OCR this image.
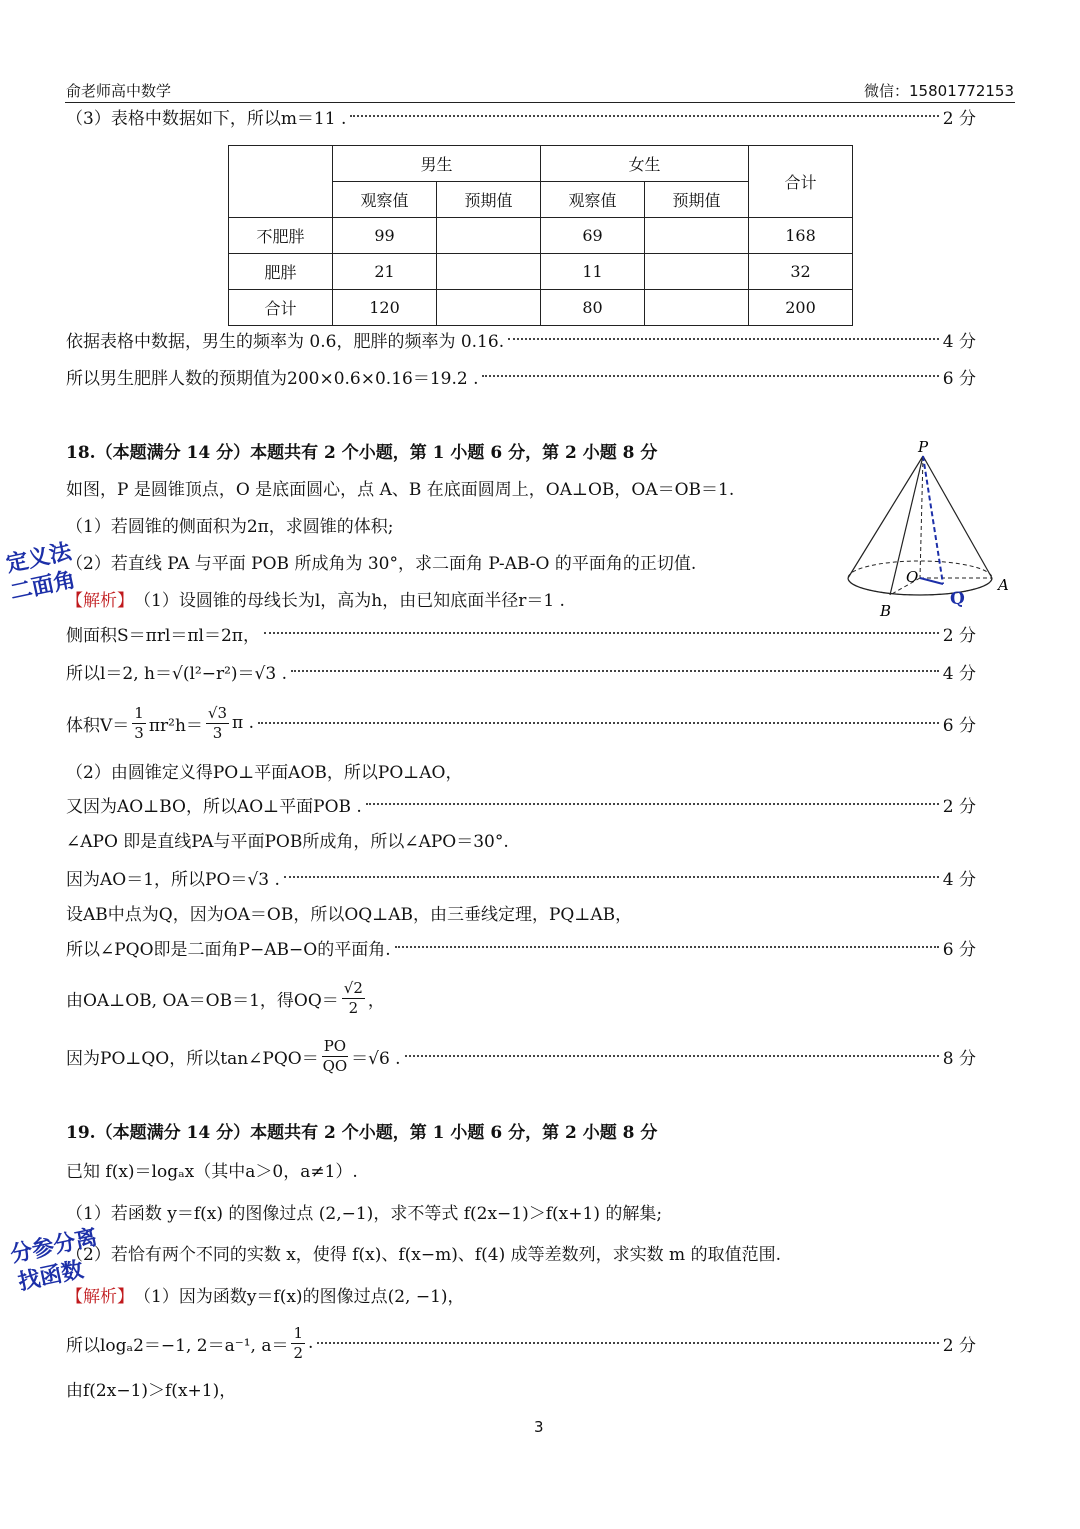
俞老师高中数学	微信：15801772153
（3）表格中数据如下，所以m＝11 .	2 分
	男生		女生		合计
	观察值	预期值	观察值	预期值	
不肥胖	99		69		168
肥胖	21		11		32
合计	120		80		200
依据表格中数据，男生的频率为 0.6，肥胖的频率为 0.16.	4 分
所以男生肥胖人数的预期值为200×0.6×0.16＝19.2 .	6 分
18.（本题满分 14 分）本题共有 2 个小题，第 1 小题 6 分，第 2 小题 8 分
如图，P 是圆锥顶点，O 是底面圆心，点 A、B 在底面圆周上，OA⊥OB，OA＝OB＝1.
（1）若圆锥的侧面积为2π，求圆锥的体积;
（2）若直线 PA 与平面 POB 所成角为 30°，求二面角 P-AB-O 的平面角的正切值.
【解析】 （1）设圆锥的母线长为l，高为h，由已知底面半径r＝1 .
侧面积S＝πrl＝πl＝2π，	2 分
所以l＝2, h＝√(l²−r²)＝√3 .	4 分
体积$V= \frac{1}{3} \pi r^2h= \frac{√3}{3}$ π .	6 分
（2）由圆锥定义得PO⊥平面AOB，所以PO⊥AO，
又因为AO⊥BO，所以AO⊥平面POB .	2 分
∠APO 即是直线PA与平面POB所成角，所以∠APO＝30°.
因为AO＝1，所以PO＝√3 .	4 分
设AB中点为Q，因为OA＝OB，所以OQ⊥AB，由三垂线定理，PQ⊥AB，
所以∠PQO即是二面角P−AB−O的平面角.	6 分
由OA⊥OB, OA＝OB＝1，得$OQ= \frac{√2}{2}$ ，
因为PO⊥QO，所以tan∠PQO＝ $\frac{PO}{QO} =√6$ .	8 分
P
O	A
B
Q
定义法
二面角
19.（本题满分 14 分）本题共有 2 个小题，第 1 小题 6 分，第 2 小题 8 分
已知 f(x)＝logₐx（其中a＞0，a≠1）.
（1）若函数 y＝f(x) 的图像过点 (2,−1)，求不等式 f(2x−1)＞f(x+1) 的解集;
（2）若恰有两个不同的实数 x，使得 f(x)、f(x−m)、f(4) 成等差数列，求实数 m 的取值范围.
【解析】 （1）因为函数y＝f(x)的图像过点(2, −1)，
所以logₐ2＝−1, 2＝a⁻¹, $a= \frac{1}{2}$ .	2 分
由f(2x−1)＞f(x+1)，
分参分离
找函数
3
